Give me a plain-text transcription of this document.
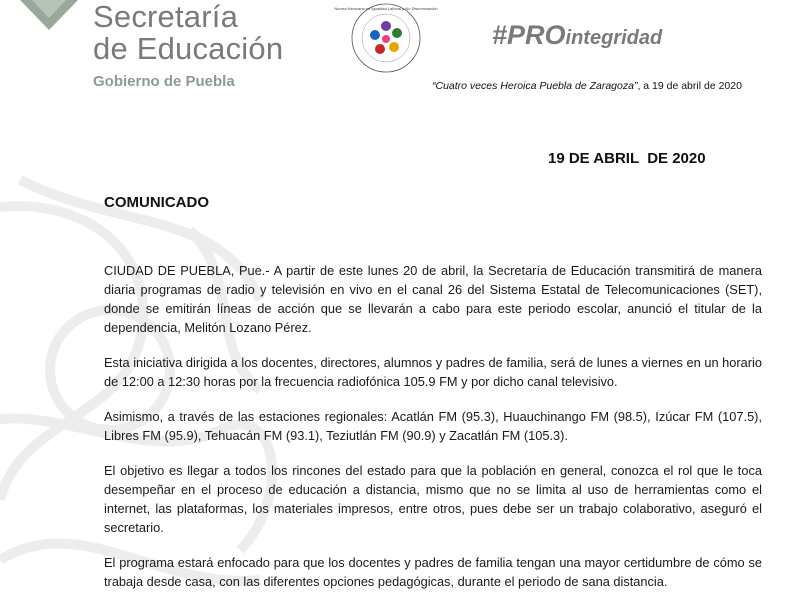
Secretaría
de Educación
Gobierno de Puebla
Norma Mexicana en Igualdad Laboral y No Discriminación
#PROintegridad
“Cuatro veces Heroica Puebla de Zaragoza”, a 19 de abril de 2020
19 DE ABRIL  DE 2020
COMUNICADO

CIUDAD DE PUEBLA, Pue.- A partir de este lunes 20 de abril, la Secretaría de Educación transmitirá de manera diaria programas de radio y televisión en vivo en el canal 26 del Sistema Estatal de Telecomunicaciones (SET), donde se emitirán líneas de acción que se llevarán a cabo para este periodo escolar, anunció el titular de la dependencia, Melitón Lozano Pérez.

Esta iniciativa dirigida a los docentes, directores, alumnos y padres de familia, será de lunes a viernes en un horario de 12:00 a 12:30 horas por la frecuencia radiofónica 105.9 FM y por dicho canal televisivo.

Asimismo, a través de las estaciones regionales: Acatlán FM (95.3), Huauchinango FM (98.5), Izúcar FM (107.5), Libres FM (95.9), Tehuacán FM (93.1), Teziutlán FM (90.9) y Zacatlán FM (105.3).

El objetivo es llegar a todos los rincones del estado para que la población en general, conozca el rol que le toca desempeñar en el proceso de educación a distancia, mismo que no se limita al uso de herramientas como el internet, las plataformas, los materiales impresos, entre otros, pues debe ser un trabajo colaborativo, aseguró el secretario.

El programa estará enfocado para que los docentes y padres de familia tengan una mayor certidumbre de cómo se trabaja desde casa, con las diferentes opciones pedagógicas, durante el periodo de sana distancia.
